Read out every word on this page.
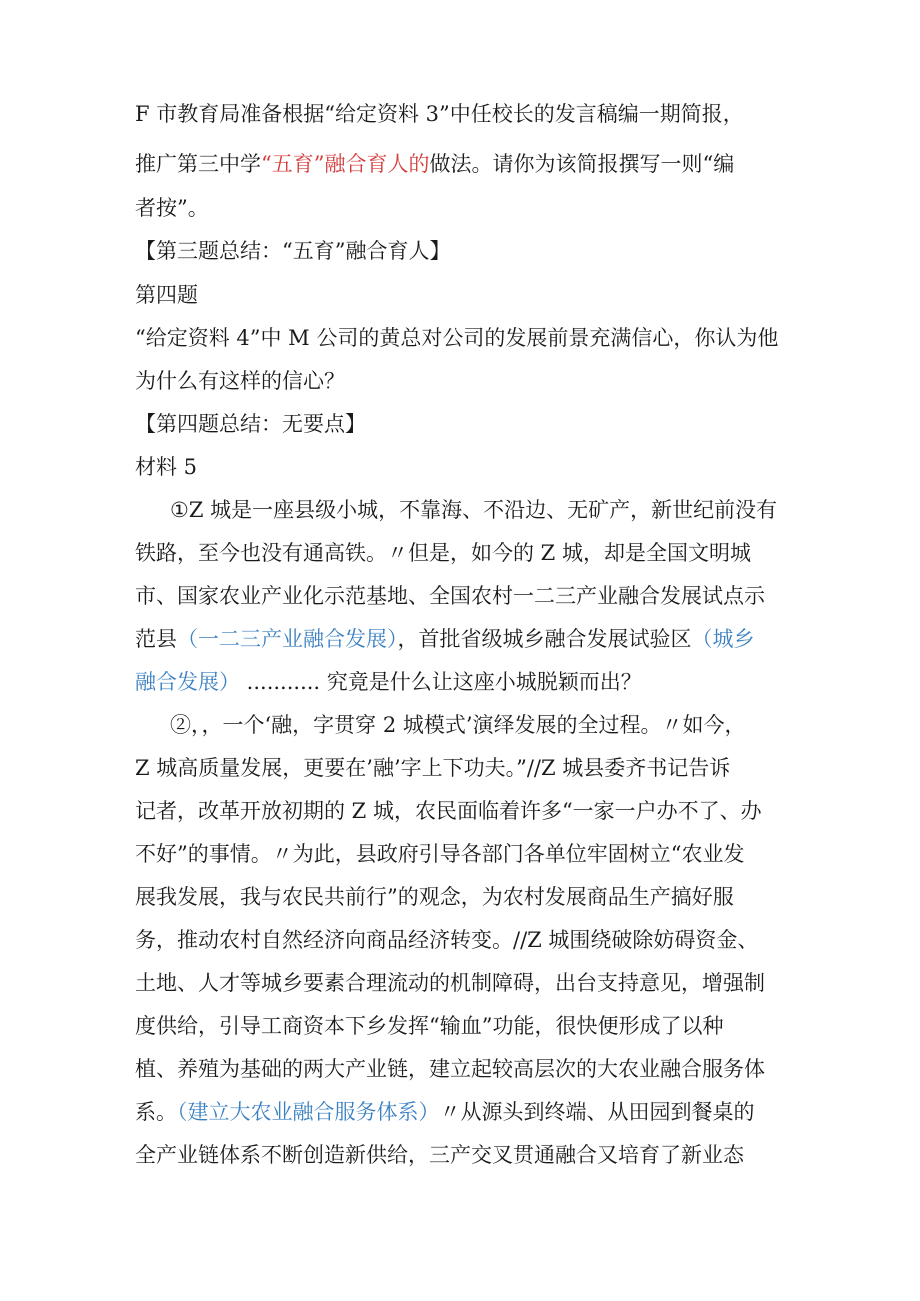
F 市教育局准备根据“给定资料 3”中任校长的发言稿编一期简报，
推广第三中学“五育”融合育人的做法。请你为该简报撰写一则“编
者按”。
【第三题总结：“五育”融合育人】
第四题
“给定资料 4”中 M 公司的黄总对公司的发展前景充满信心，你认为他
为什么有这样的信心？
【第四题总结：无要点】
材料 5
①Z 城是一座县级小城，不靠海、不沿边、无矿产，新世纪前没有
铁路，至今也没有通高铁。〃但是，如今的 Z 城，却是全国文明城
市、国家农业产业化示范基地、全国农村一二三产业融合发展试点示
范县（一二三产业融合发展），首批省级城乡融合发展试验区（城乡
融合发展） ........... 究竟是什么让这座小城脱颖而出？
②，，一个‘融，字贯穿 2 城模式’演绎发展的全过程。〃如今，
Z 城高质量发展，更要在’融’字上下功夫。”//Z 城县委齐书记告诉
记者，改革开放初期的 Z 城，农民面临着许多“一家一户办不了、办
不好”的事情。〃为此，县政府引导各部门各单位牢固树立“农业发
展我发展，我与农民共前行”的观念，为农村发展商品生产搞好服
务，推动农村自然经济向商品经济转变。//Z 城围绕破除妨碍资金、
土地、人才等城乡要素合理流动的机制障碍，出台支持意见，增强制
度供给，引导工商资本下乡发挥“输血”功能，很快便形成了以种
植、养殖为基础的两大产业链，建立起较高层次的大农业融合服务体
系。（建立大农业融合服务体系）〃从源头到终端、从田园到餐桌的
全产业链体系不断创造新供给，三产交叉贯通融合又培育了新业态
